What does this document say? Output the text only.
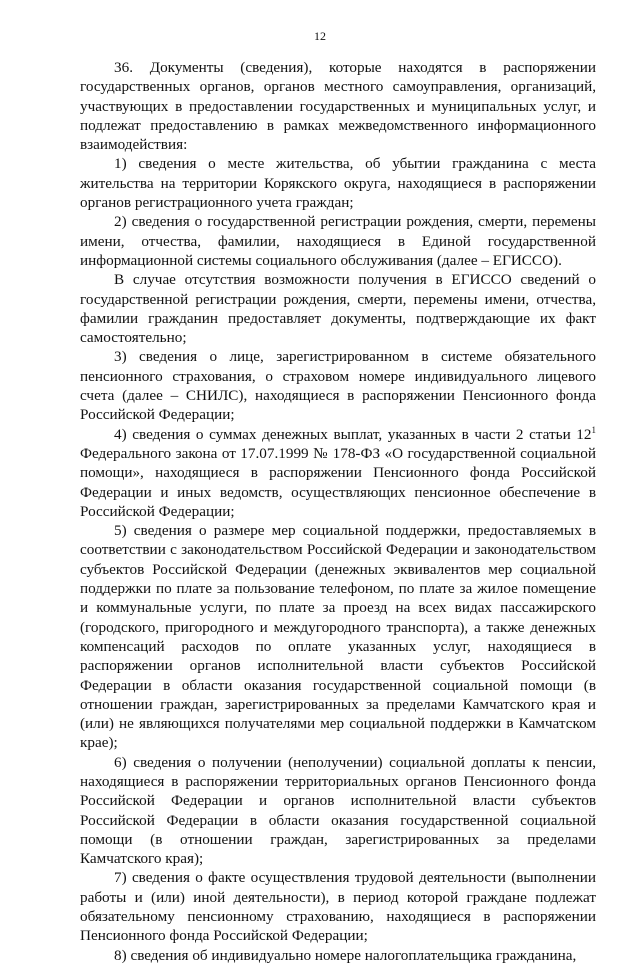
12

36. Документы (сведения), которые находятся в распоряжении государственных органов, органов местного самоуправления, организаций, участвующих в предоставлении государственных и муниципальных услуг, и подлежат предоставлению в рамках межведомственного информационного взаимодействия:

1) сведения о месте жительства, об убытии гражданина с места жительства на территории Корякского округа, находящиеся в распоряжении органов регистрационного учета граждан;

2) сведения о государственной регистрации рождения, смерти, перемены имени, отчества, фамилии, находящиеся в Единой государственной информационной системы социального обслуживания (далее – ЕГИССО).

В случае отсутствия возможности получения в ЕГИССО сведений о государственной регистрации рождения, смерти, перемены имени, отчества, фамилии гражданин предоставляет документы, подтверждающие их факт самостоятельно;

3) сведения о лице, зарегистрированном в системе обязательного пенсионного страхования, о страховом номере индивидуального лицевого счета (далее – СНИЛС), находящиеся в распоряжении Пенсионного фонда Российской Федерации;

4) сведения о суммах денежных выплат, указанных в части 2 статьи $12^1$ Федерального закона от 17.07.1999 № 178-ФЗ «О государственной социальной помощи», находящиеся в распоряжении Пенсионного фонда Российской Федерации и иных ведомств, осуществляющих пенсионное обеспечение в Российской Федерации;

5) сведения о размере мер социальной поддержки, предоставляемых в соответствии с законодательством Российской Федерации и законодательством субъектов Российской Федерации (денежных эквивалентов мер социальной поддержки по плате за пользование телефоном, по плате за жилое помещение и коммунальные услуги, по плате за проезд на всех видах пассажирского (городского, пригородного и междугородного транспорта), а также денежных компенсаций расходов по оплате указанных услуг, находящиеся в распоряжении органов исполнительной власти субъектов Российской Федерации в области оказания государственной социальной помощи (в отношении граждан, зарегистрированных за пределами Камчатского края и (или) не являющихся получателями мер социальной поддержки в Камчатском крае);

6) сведения о получении (неполучении) социальной доплаты к пенсии, находящиеся в распоряжении территориальных органов Пенсионного фонда Российской Федерации и органов исполнительной власти субъектов Российской Федерации в области оказания государственной социальной помощи (в отношении граждан, зарегистрированных за пределами Камчатского края);

7) сведения о факте осуществления трудовой деятельности (выполнении работы и (или) иной деятельности), в период которой граждане подлежат обязательному пенсионному страхованию, находящиеся в распоряжении Пенсионного фонда Российской Федерации;

8) сведения об индивидуально номере налогоплательщика гражданина,
